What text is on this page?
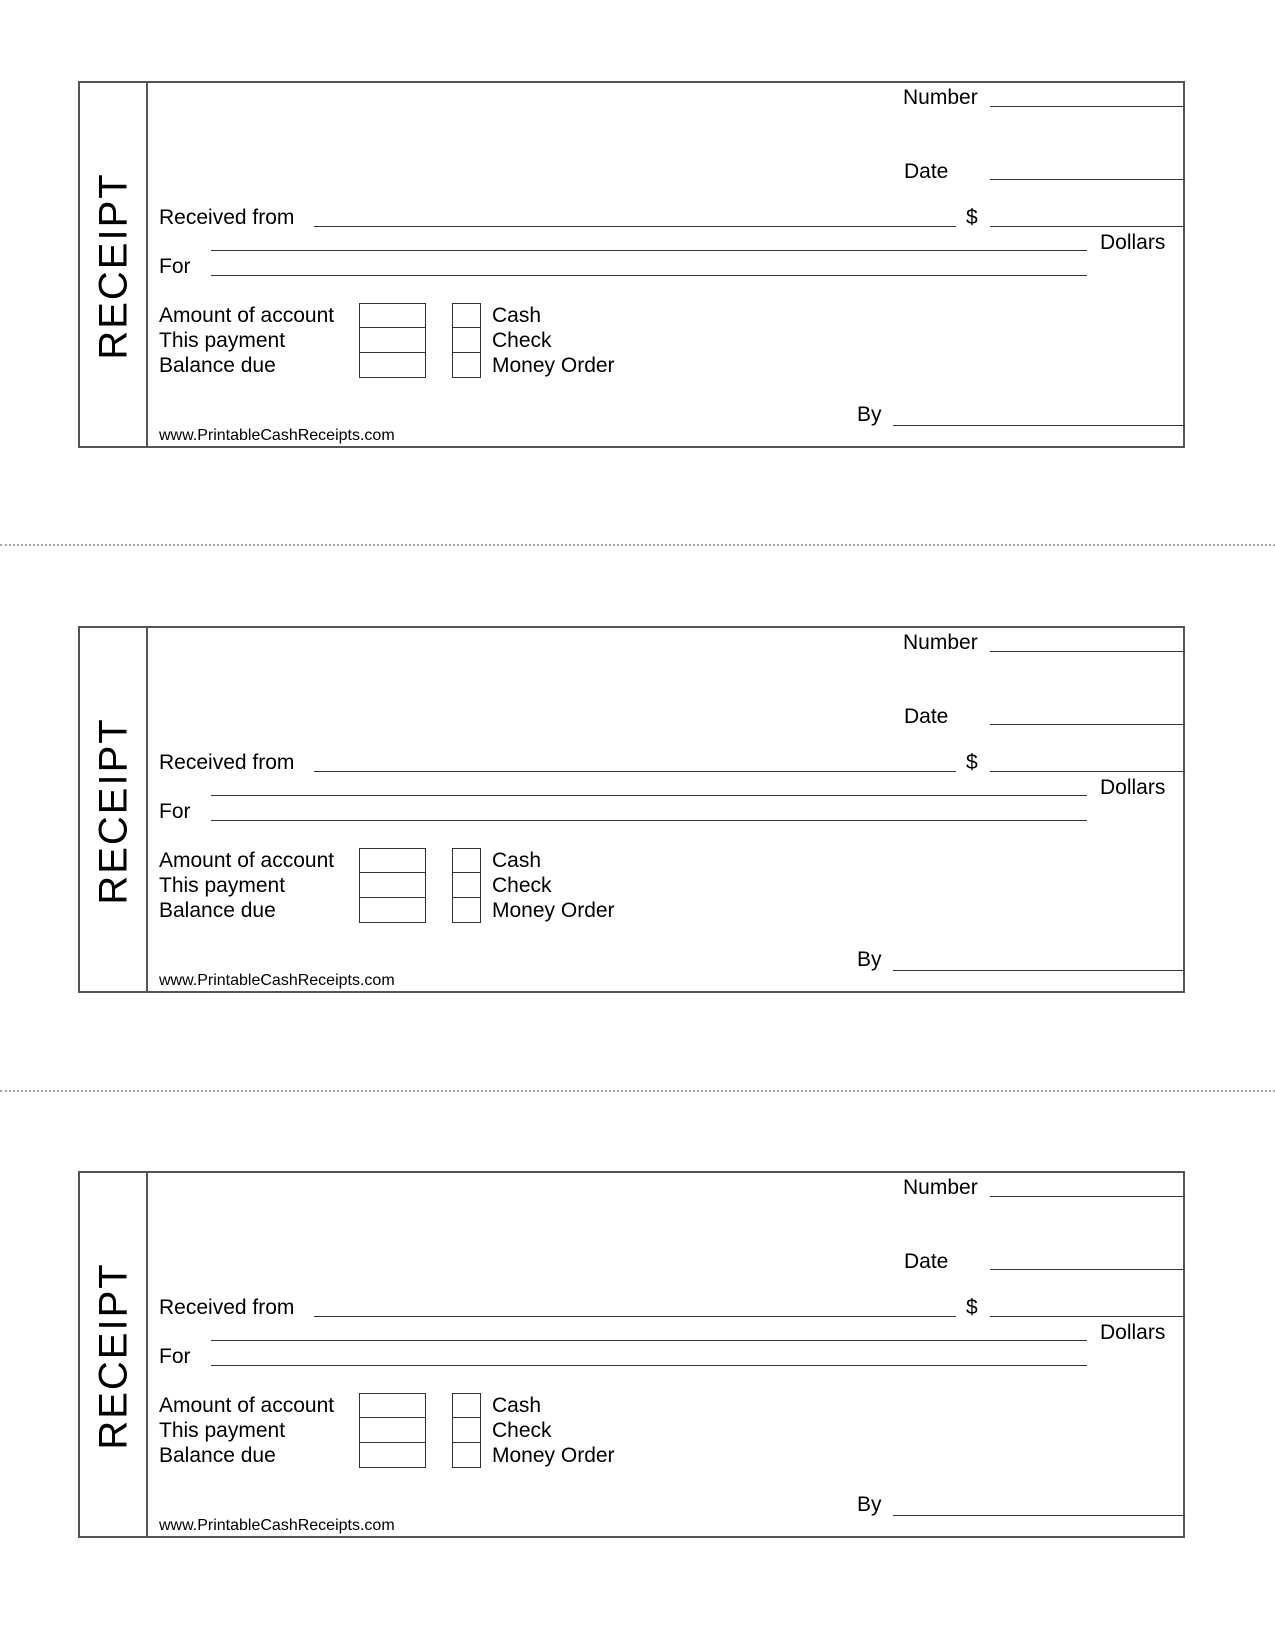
RECEIPT
Number
Date
Received from	$
Dollars
For
Amount of account
This payment
Balance due
Cash
Check
Money Order
By
www.PrintableCashReceipts.com
RECEIPT
Number
Date
Received from	$
Dollars
For
Amount of account
This payment
Balance due
Cash
Check
Money Order
By
www.PrintableCashReceipts.com
RECEIPT
Number
Date
Received from	$
Dollars
For
Amount of account
This payment
Balance due
Cash
Check
Money Order
By
www.PrintableCashReceipts.com
